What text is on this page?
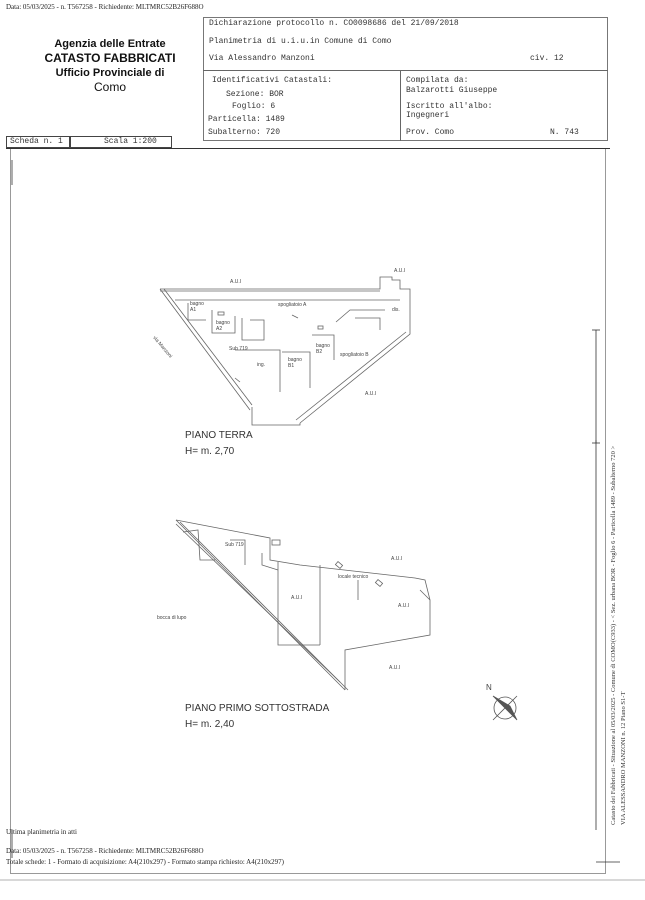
Data: 05/03/2025 - n. T567258 - Richiedente: MLTMRC52B26F688O
Agenzia delle Entrate
CATASTO FABBRICATI
Ufficio Provinciale di
Como
Dichiarazione protocollo n. CO0098686 del 21/09/2018
Planimetria di u.i.u.in Comune di Como
Via Alessandro Manzoni	civ. 12
Identificativi Catastali:
Sezione: BOR
Foglio: 6
Particella: 1489
Subalterno: 720
Compilata da:
Balzarotti Giuseppe
Iscritto all'albo:
Ingegneri
Prov. Como	N. 743
Scheda n. 1	Scala 1:200
A.U.I
A.U.I
A.U.I
bagno A1
bagno A2
bagno B1
bagno B2
spogliatoio A
spogliatoio B
via Manzoni	Sub 719
dis.
ing.
PIANO TERRA
H= m. 2,70
Sub 719
A.U.I
locale tecnico
A.U.I
A.U.I
A.U.I
bocca di lupo
PIANO PRIMO SOTTOSTRADA
H= m. 2,40
N
Ultima planimetria in atti
Data: 05/03/2025 - n. T567258 - Richiedente: MLTMRC52B26F688O
Totale schede: 1 - Formato di acquisizione: A4(210x297) - Formato stampa richiesto: A4(210x297)
Catasto dei Fabbricati - Situazione al 05/03/2025 - Comune di COMO(C933) - < Sez. urbana BOR - Foglio 6 - Particella 1489 - Subalterno 720 > VIA ALESSANDRO MANZONI n. 12 Piano S1-T
